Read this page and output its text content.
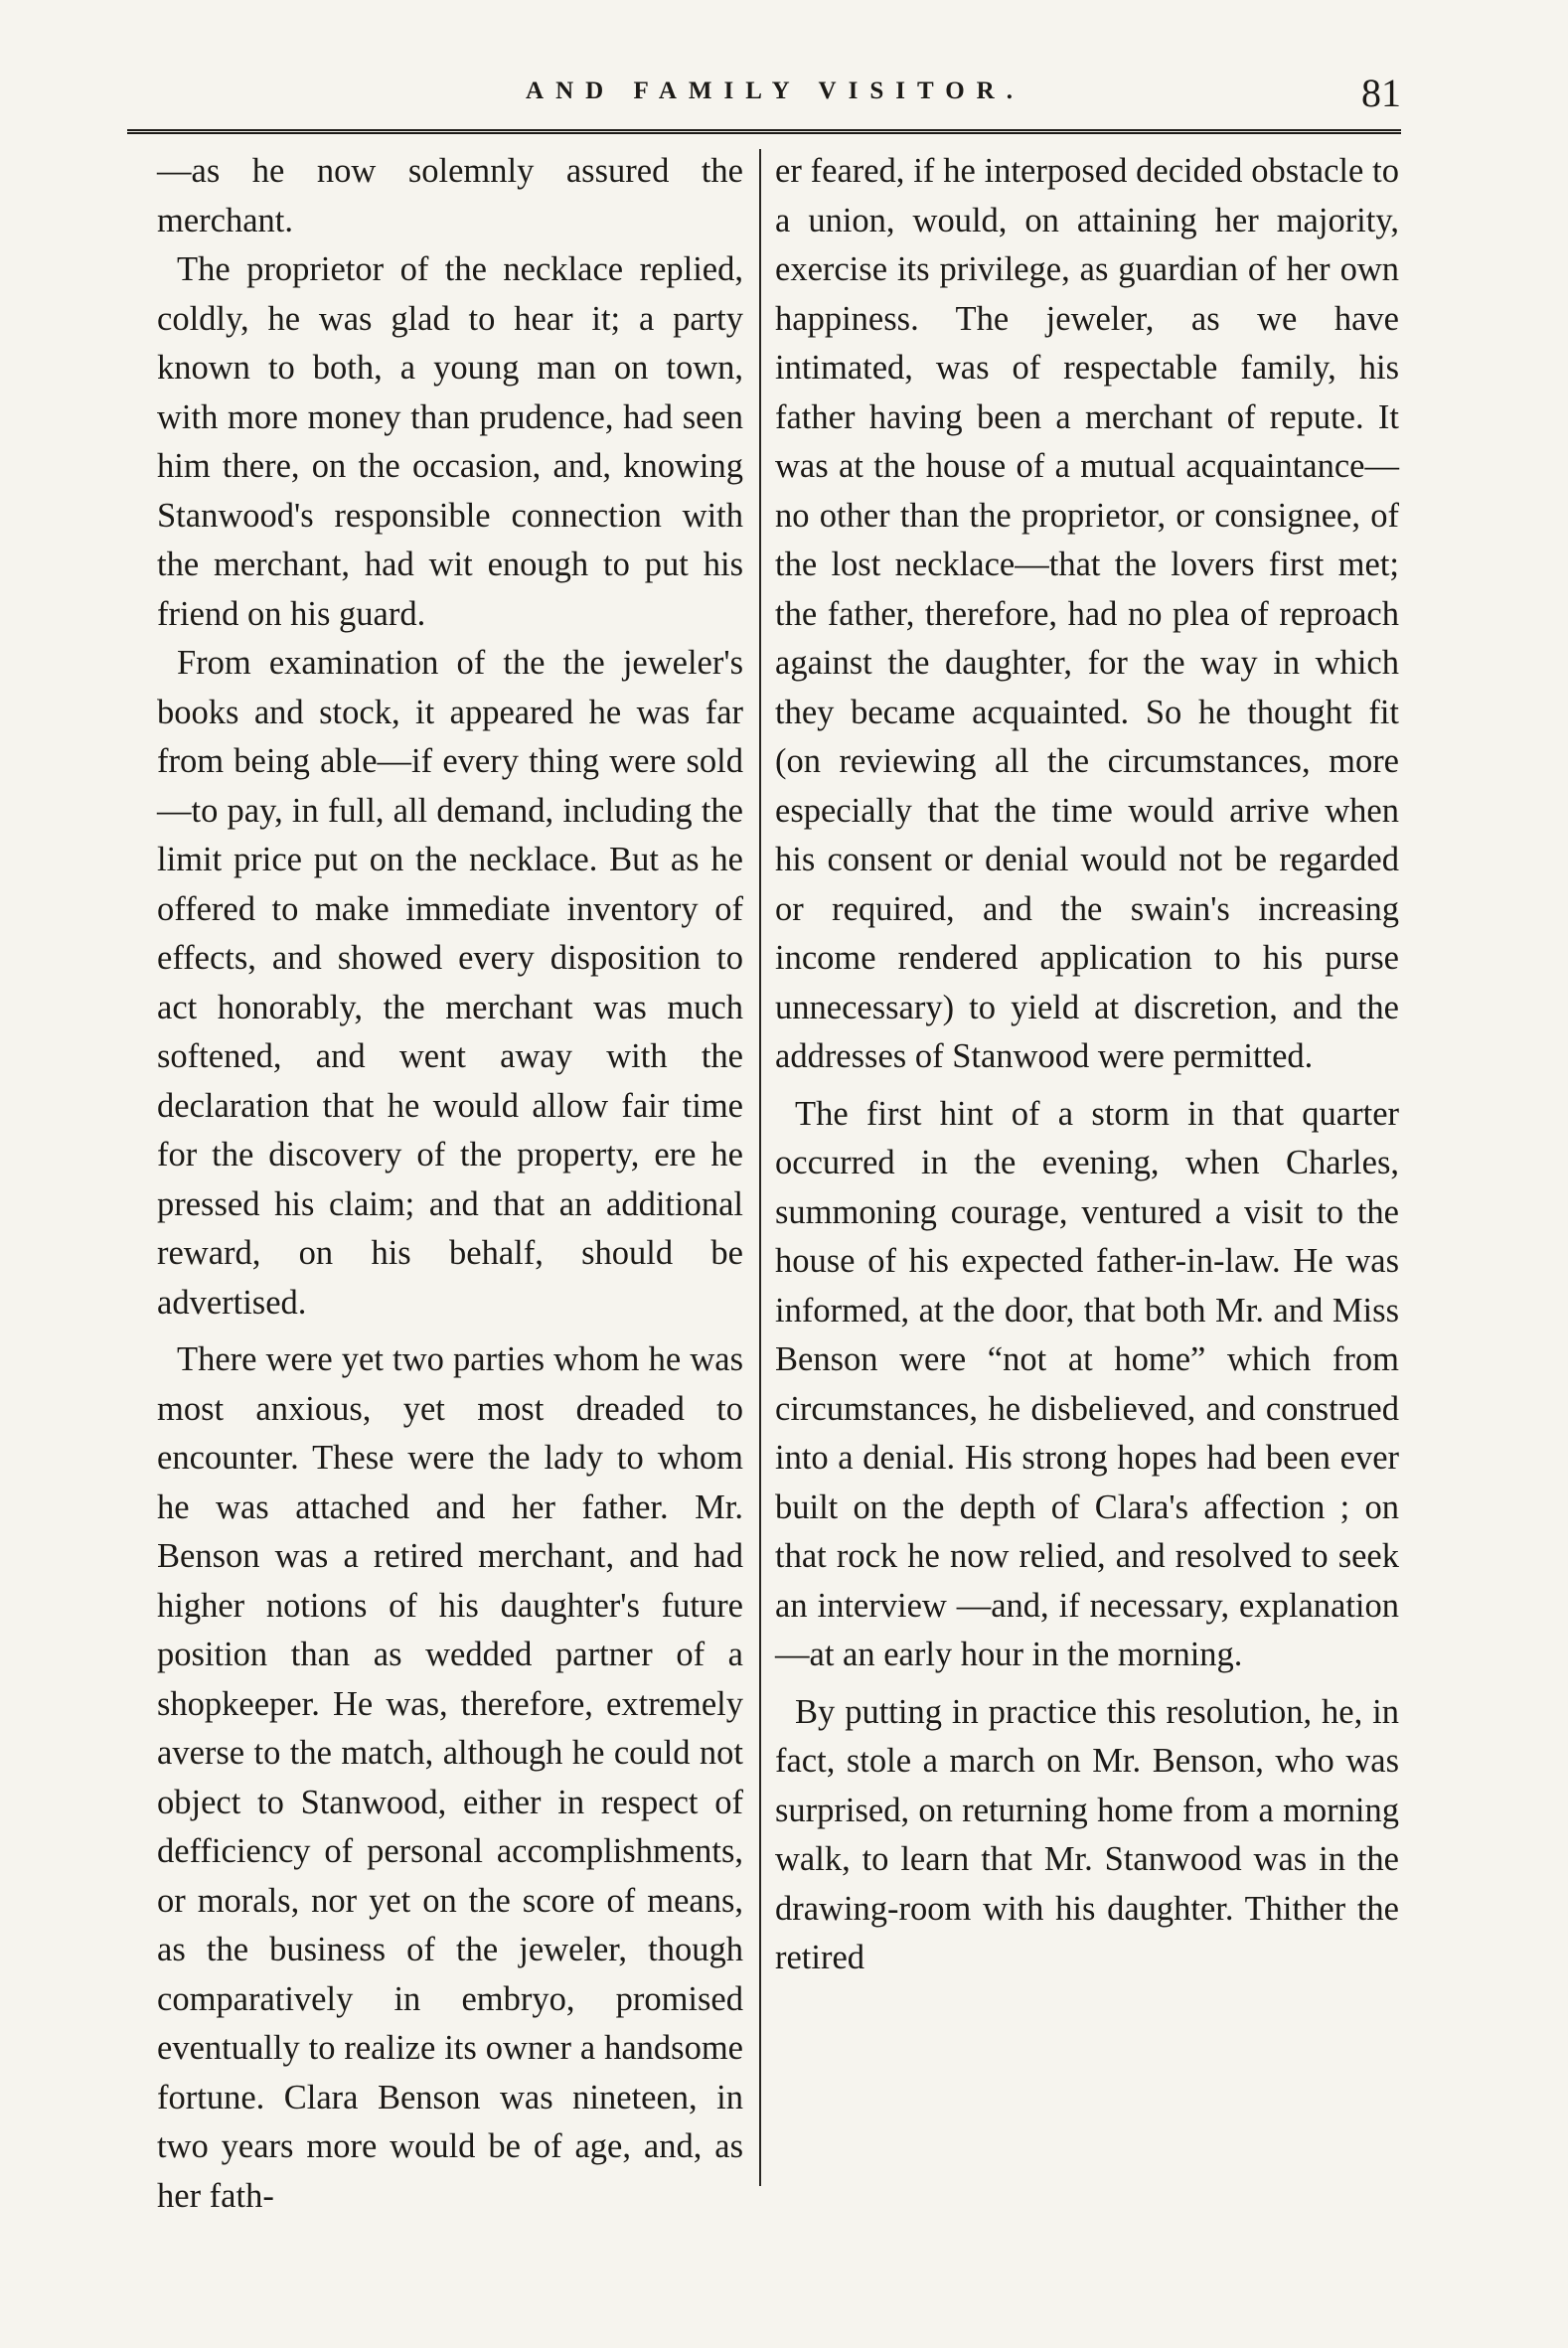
AND FAMILY VISITOR.	81

—as he now solemnly assured the merchant.

The proprietor of the necklace replied, coldly, he was glad to hear it; a party known to both, a young man on town, with more money than prudence, had seen him there, on the occasion, and, knowing Stanwood's responsible connection with the merchant, had wit enough to put his friend on his guard.

From examination of the the jeweler's books and stock, it appeared he was far from being able—if every thing were sold—to pay, in full, all demand, including the limit price put on the necklace. But as he offered to make immediate inventory of effects, and showed every disposition to act honorably, the merchant was much softened, and went away with the declaration that he would allow fair time for the discovery of the property, ere he pressed his claim; and that an additional reward, on his behalf, should be advertised.

There were yet two parties whom he was most anxious, yet most dreaded to encounter. These were the lady to whom he was attached and her father. Mr. Benson was a retired merchant, and had higher notions of his daughter's future position than as wedded partner of a shopkeeper. He was, therefore, extremely averse to the match, although he could not object to Stanwood, either in respect of defficiency of personal accomplishments, or morals, nor yet on the score of means, as the business of the jeweler, though comparatively in embryo, promised eventually to realize its owner a handsome fortune. Clara Benson was nineteen, in two years more would be of age, and, as her fath-

er feared, if he interposed decided obstacle to a union, would, on attaining her majority, exercise its privilege, as guardian of her own happiness. The jeweler, as we have intimated, was of respectable family, his father having been a merchant of repute. It was at the house of a mutual acquaintance—no other than the proprietor, or consignee, of the lost necklace—that the lovers first met; the father, therefore, had no plea of reproach against the daughter, for the way in which they became acquainted. So he thought fit (on reviewing all the circumstances, more especially that the time would arrive when his consent or denial would not be regarded or required, and the swain's increasing income rendered application to his purse unnecessary) to yield at discretion, and the addresses of Stanwood were permitted.

The first hint of a storm in that quarter occurred in the evening, when Charles, summoning courage, ventured a visit to the house of his expected father-in-law. He was informed, at the door, that both Mr. and Miss Benson were “not at home” which from circumstances, he disbelieved, and construed into a denial. His strong hopes had been ever built on the depth of Clara's affection ; on that rock he now relied, and resolved to seek an interview —and, if necessary, explanation—at an early hour in the morning.

By putting in practice this resolution, he, in fact, stole a march on Mr. Benson, who was surprised, on returning home from a morning walk, to learn that Mr. Stanwood was in the drawing-room with his daughter. Thither the retired
